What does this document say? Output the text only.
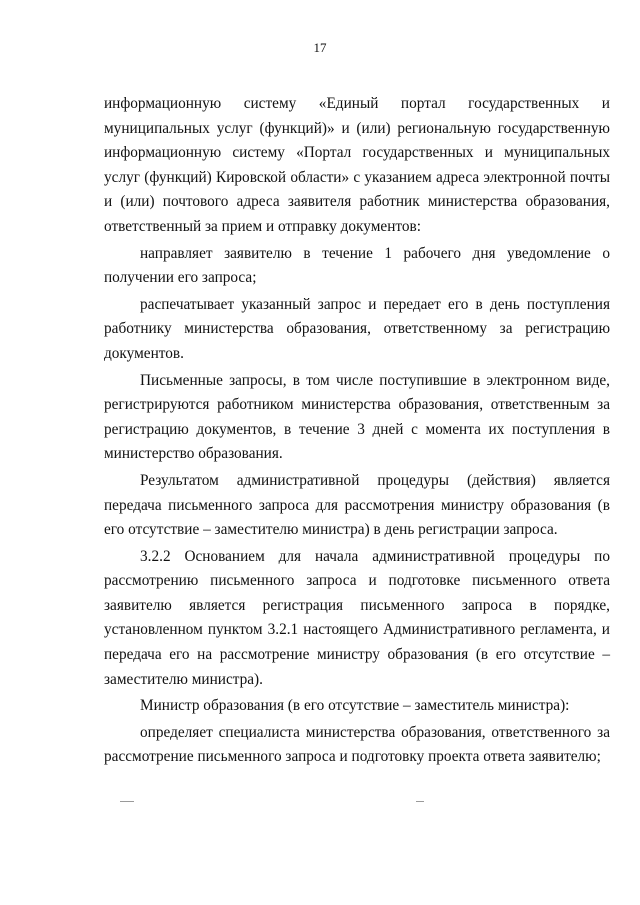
17

информационную систему «Единый портал государственных и муниципальных услуг (функций)» и (или) региональную государственную информационную систему «Портал государственных и муниципальных услуг (функций) Кировской области» с указанием адреса электронной почты и (или) почтового адреса заявителя работник министерства образования, ответственный за прием и отправку документов:

направляет заявителю в течение 1 рабочего дня уведомление о получении его запроса;

распечатывает указанный запрос и передает его в день поступления работнику министерства образования, ответственному за регистрацию документов.

Письменные запросы, в том числе поступившие в электронном виде, регистрируются работником министерства образования, ответственным за регистрацию документов, в течение 3 дней с момента их поступления в министерство образования.

Результатом административной процедуры (действия) является передача письменного запроса для рассмотрения министру образования (в его отсутствие – заместителю министра) в день регистрации запроса.

3.2.2 Основанием для начала административной процедуры по рассмотрению письменного запроса и подготовке письменного ответа заявителю является регистрация письменного запроса в порядке, установленном пунктом 3.2.1 настоящего Административного регламента, и передача его на рассмотрение министру образования (в его отсутствие – заместителю министра).

Министр образования (в его отсутствие – заместитель министра):

определяет специалиста министерства образования, ответственного за рассмотрение письменного запроса и подготовку проекта ответа заявителю;
